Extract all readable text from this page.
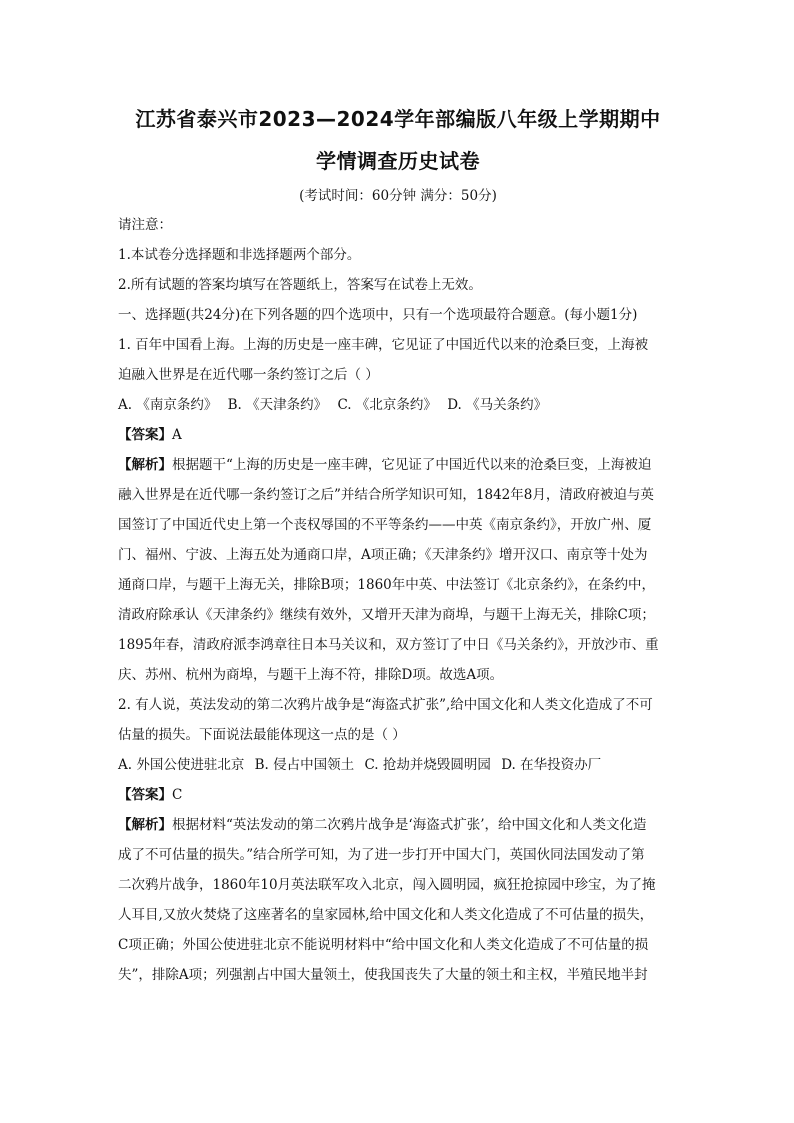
江苏省泰兴市2023—2024学年部编版八年级上学期期中
学情调查历史试卷
(考试时间：60分钟 满分：50分)

请注意：

1.本试卷分选择题和非选择题两个部分。

2.所有试题的答案均填写在答题纸上，答案写在试卷上无效。

一、选择题(共24分)在下列各题的四个选项中，只有一个选项最符合题意。(每小题1分)

1. 百年中国看上海。上海的历史是一座丰碑，它见证了中国近代以来的沧桑巨变，上海被

迫融入世界是在近代哪一条约签订之后（ ）

A. 《南京条约》 B. 《天津条约》 C. 《北京条约》 D. 《马关条约》

【答案】A

【解析】根据题干“上海的历史是一座丰碑，它见证了中国近代以来的沧桑巨变，上海被迫

融入世界是在近代哪一条约签订之后”并结合所学知识可知，1842年8月，清政府被迫与英

国签订了中国近代史上第一个丧权辱国的不平等条约——中英《南京条约》，开放广州、厦

门、福州、宁波、上海五处为通商口岸，A项正确；《天津条约》增开汉口、南京等十处为

通商口岸，与题干上海无关，排除B项；1860年中英、中法签订《北京条约》，在条约中，

清政府除承认《天津条约》继续有效外，又增开天津为商埠，与题干上海无关，排除C项；

1895年春，清政府派李鸿章往日本马关议和，双方签订了中日《马关条约》，开放沙市、重

庆、苏州、杭州为商埠，与题干上海不符，排除D项。故选A项。

2. 有人说，英法发动的第二次鸦片战争是“海盗式扩张”,给中国文化和人类文化造成了不可

估量的损失。下面说法最能体现这一点的是（ ）

A. 外国公使进驻北京 B. 侵占中国领土 C. 抢劫并烧毁圆明园 D. 在华投资办厂

【答案】C

【解析】根据材料“英法发动的第二次鸦片战争是‘海盗式扩张’，给中国文化和人类文化造

成了不可估量的损失。”结合所学可知，为了进一步打开中国大门，英国伙同法国发动了第

二次鸦片战争，1860年10月英法联军攻入北京，闯入圆明园，疯狂抢掠园中珍宝，为了掩

人耳目,又放火焚烧了这座著名的皇家园林,给中国文化和人类文化造成了不可估量的损失，

C项正确；外国公使进驻北京不能说明材料中“给中国文化和人类文化造成了不可估量的损

失”，排除A项；列强割占中国大量领土，使我国丧失了大量的领土和主权，半殖民地半封
